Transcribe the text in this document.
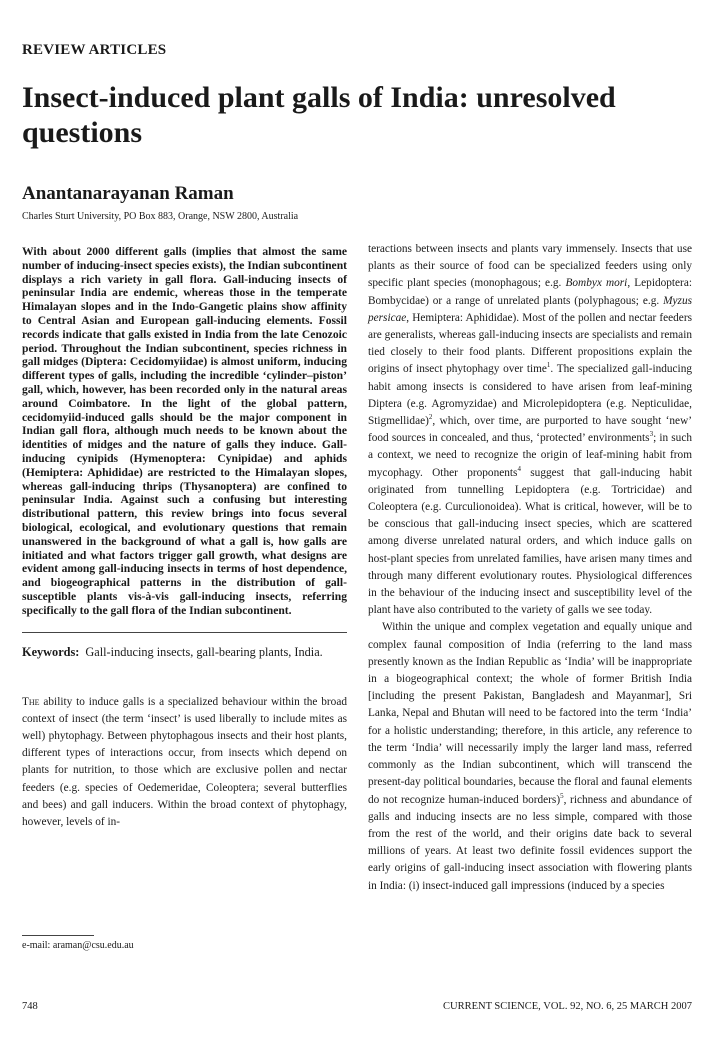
REVIEW ARTICLES
Insect-induced plant galls of India: unresolved questions
Anantanarayanan Raman
Charles Sturt University, PO Box 883, Orange, NSW 2800, Australia

With about 2000 different galls (implies that almost the same number of inducing-insect species exists), the Indian subcontinent displays a rich variety in gall flora. Gall-inducing insects of peninsular India are endemic, whereas those in the temperate Himalayan slopes and in the Indo-Gangetic plains show affinity to Central Asian and European gall-inducing elements. Fossil records indicate that galls existed in India from the late Cenozoic period. Throughout the Indian subcontinent, species richness in gall midges (Diptera: Cecidomyiidae) is almost uniform, inducing different types of galls, including the incredible ‘cylinder–piston’ gall, which, however, has been recorded only in the natural areas around Coimbatore. In the light of the global pattern, cecidomyiid-induced galls should be the major component in Indian gall flora, although much needs to be known about the identities of midges and the nature of galls they induce. Gall-inducing cynipids (Hymenoptera: Cynipidae) and aphids (Hemiptera: Aphididae) are restricted to the Himalayan slopes, whereas gall-inducing thrips (Thysanoptera) are confined to peninsular India. Against such a confusing but interesting distributional pattern, this review brings into focus several biological, ecological, and evolutionary questions that remain unanswered in the background of what a gall is, how galls are initiated and what factors trigger gall growth, what designs are evident among gall-inducing insects in terms of host dependence, and biogeographical patterns in the distribution of gall-susceptible plants vis-à-vis gall-inducing insects, referring specifically to the gall flora of the Indian subcontinent.

Keywords: Gall-inducing insects, gall-bearing plants, India.

The ability to induce galls is a specialized behaviour within the broad context of insect (the term ‘insect’ is used liberally to include mites as well) phytophagy. Between phytophagous insects and their host plants, different types of interactions occur, from insects which depend on plants for nutrition, to those which are exclusive pollen and nectar feeders (e.g. species of Oedemeridae, Coleoptera; several butterflies and bees) and gall inducers. Within the broad context of phytophagy, however, levels of in-

e-mail: araman@csu.edu.au

teractions between insects and plants vary immensely. Insects that use plants as their source of food can be specialized feeders using only specific plant species (monophagous; e.g. Bombyx mori, Lepidoptera: Bombycidae) or a range of unrelated plants (polyphagous; e.g. Myzus persicae, Hemiptera: Aphididae). Most of the pollen and nectar feeders are generalists, whereas gall-inducing insects are specialists and remain tied closely to their food plants. Different propositions explain the origins of insect phytophagy over time$^1$. The specialized gall-inducing habit among insects is considered to have arisen from leaf-mining Diptera (e.g. Agromyzidae) and Microlepidoptera (e.g. Nepticulidae, Stigmellidae)$^2$, which, over time, are purported to have sought ‘new’ food sources in concealed, and thus, ‘protected’ environments$^3$; in such a context, we need to recognize the origin of leaf-mining habit from mycophagy. Other proponents$^4$ suggest that gall-inducing habit originated from tunnelling Lepidoptera (e.g. Tortricidae) and Coleoptera (e.g. Curculionoidea). What is critical, however, will be to be conscious that gall-inducing insect species, which are scattered among diverse unrelated natural orders, and which induce galls on host-plant species from unrelated families, have arisen many times and through many different evolutionary routes. Physiological differences in the behaviour of the inducing insect and susceptibility level of the plant have also contributed to the variety of galls we see today.

Within the unique and complex vegetation and equally unique and complex faunal composition of India (referring to the land mass presently known as the Indian Republic as ‘India’ will be inappropriate in a biogeographical context; the whole of former British India [including the present Pakistan, Bangladesh and Mayanmar], Sri Lanka, Nepal and Bhutan will need to be factored into the term ‘India’ for a holistic understanding; therefore, in this article, any reference to the term ‘India’ will necessarily imply the larger land mass, referred commonly as the Indian subcontinent, which will transcend the present-day political boundaries, because the floral and faunal elements do not recognize human-induced borders)$^5$, richness and abundance of galls and inducing insects are no less simple, compared with those from the rest of the world, and their origins date back to several millions of years. At least two definite fossil evidences support the early origins of gall-inducing insect association with flowering plants in India: (i) insect-induced gall impressions (induced by a species

748	CURRENT SCIENCE, VOL. 92, NO. 6, 25 MARCH 2007
